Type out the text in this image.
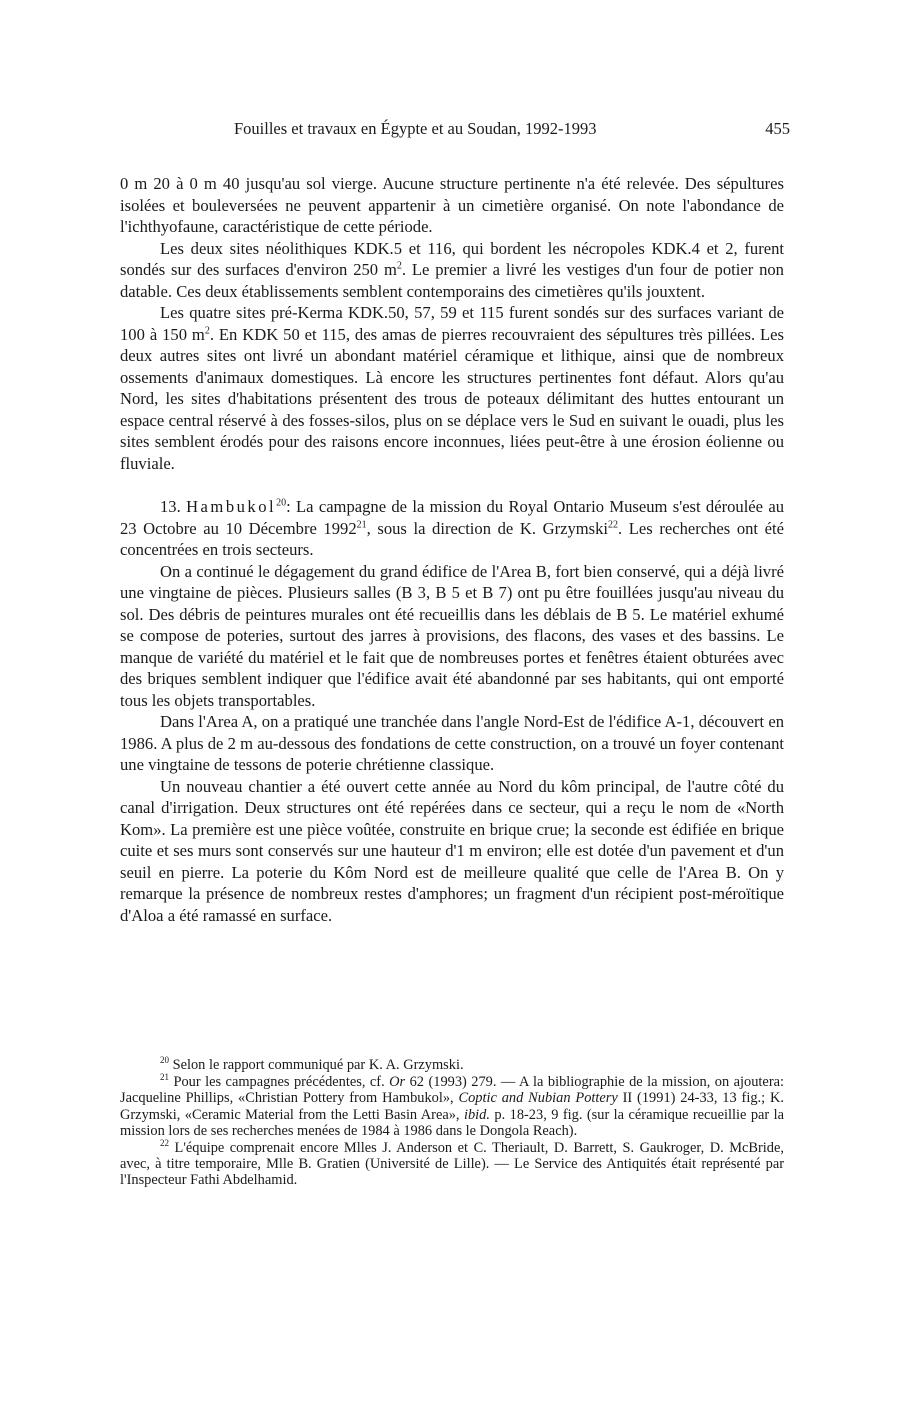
Fouilles et travaux en Égypte et au Soudan, 1992-1993	455

0 m 20 à 0 m 40 jusqu'au sol vierge. Aucune structure pertinente n'a été relevée. Des sépultures isolées et bouleversées ne peuvent appartenir à un cimetière organisé. On note l'abondance de l'ichthyofaune, caractéristique de cette période.

Les deux sites néolithiques KDK.5 et 116, qui bordent les nécropoles KDK.4 et 2, furent sondés sur des surfaces d'environ 250 $m^2$. Le premier a livré les vestiges d'un four de potier non datable. Ces deux établissements semblent contemporains des cimetières qu'ils jouxtent.

Les quatre sites pré-Kerma KDK.50, 57, 59 et 115 furent sondés sur des surfaces variant de 100 à 150 $m^2$. En KDK 50 et 115, des amas de pierres recouvraient des sépultures très pillées. Les deux autres sites ont livré un abondant matériel céramique et lithique, ainsi que de nombreux ossements d'animaux domestiques. Là encore les structures pertinentes font défaut. Alors qu'au Nord, les sites d'habitations présentent des trous de poteaux délimitant des huttes entourant un espace central réservé à des fosses-silos, plus on se déplace vers le Sud en suivant le ouadi, plus les sites semblent érodés pour des raisons encore inconnues, liées peut-être à une érosion éolienne ou fluviale.

13. Hambukol$^{20}$: La campagne de la mission du Royal Ontario Museum s'est déroulée au 23 Octobre au 10 Décembre 1992$^{21}$, sous la direction de K. Grzymski$^{22}$. Les recherches ont été concentrées en trois secteurs.

On a continué le dégagement du grand édifice de l'Area B, fort bien conservé, qui a déjà livré une vingtaine de pièces. Plusieurs salles (B 3, B 5 et B 7) ont pu être fouillées jusqu'au niveau du sol. Des débris de peintures murales ont été recueillis dans les déblais de B 5. Le matériel exhumé se compose de poteries, surtout des jarres à provisions, des flacons, des vases et des bassins. Le manque de variété du matériel et le fait que de nombreuses portes et fenêtres étaient obturées avec des briques semblent indiquer que l'édifice avait été abandonné par ses habitants, qui ont emporté tous les objets transportables.

Dans l'Area A, on a pratiqué une tranchée dans l'angle Nord-Est de l'édifice A-1, découvert en 1986. A plus de 2 m au-dessous des fondations de cette construction, on a trouvé un foyer contenant une vingtaine de tessons de poterie chrétienne classique.

Un nouveau chantier a été ouvert cette année au Nord du kôm principal, de l'autre côté du canal d'irrigation. Deux structures ont été repérées dans ce secteur, qui a reçu le nom de «North Kom». La première est une pièce voûtée, construite en brique crue; la seconde est édifiée en brique cuite et ses murs sont conservés sur une hauteur d'1 m environ; elle est dotée d'un pavement et d'un seuil en pierre. La poterie du Kôm Nord est de meilleure qualité que celle de l'Area B. On y remarque la présence de nombreux restes d'amphores; un fragment d'un récipient post-méroïtique d'Aloa a été ramassé en surface.

$^{20}$ Selon le rapport communiqué par K. A. Grzymski.

$^{21}$ Pour les campagnes précédentes, cf. Or 62 (1993) 279. — A la bibliographie de la mission, on ajoutera: Jacqueline Phillips, «Christian Pottery from Hambukol», Coptic and Nubian Pottery II (1991) 24-33, 13 fig.; K. Grzymski, «Ceramic Material from the Letti Basin Area», ibid. p. 18-23, 9 fig. (sur la céramique recueillie par la mission lors de ses recherches menées de 1984 à 1986 dans le Dongola Reach).

$^{22}$ L'équipe comprenait encore Mlles J. Anderson et C. Theriault, D. Barrett, S. Gaukroger, D. McBride, avec, à titre temporaire, Mlle B. Gratien (Université de Lille). — Le Service des Antiquités était représenté par l'Inspecteur Fathi Abdelhamid.
